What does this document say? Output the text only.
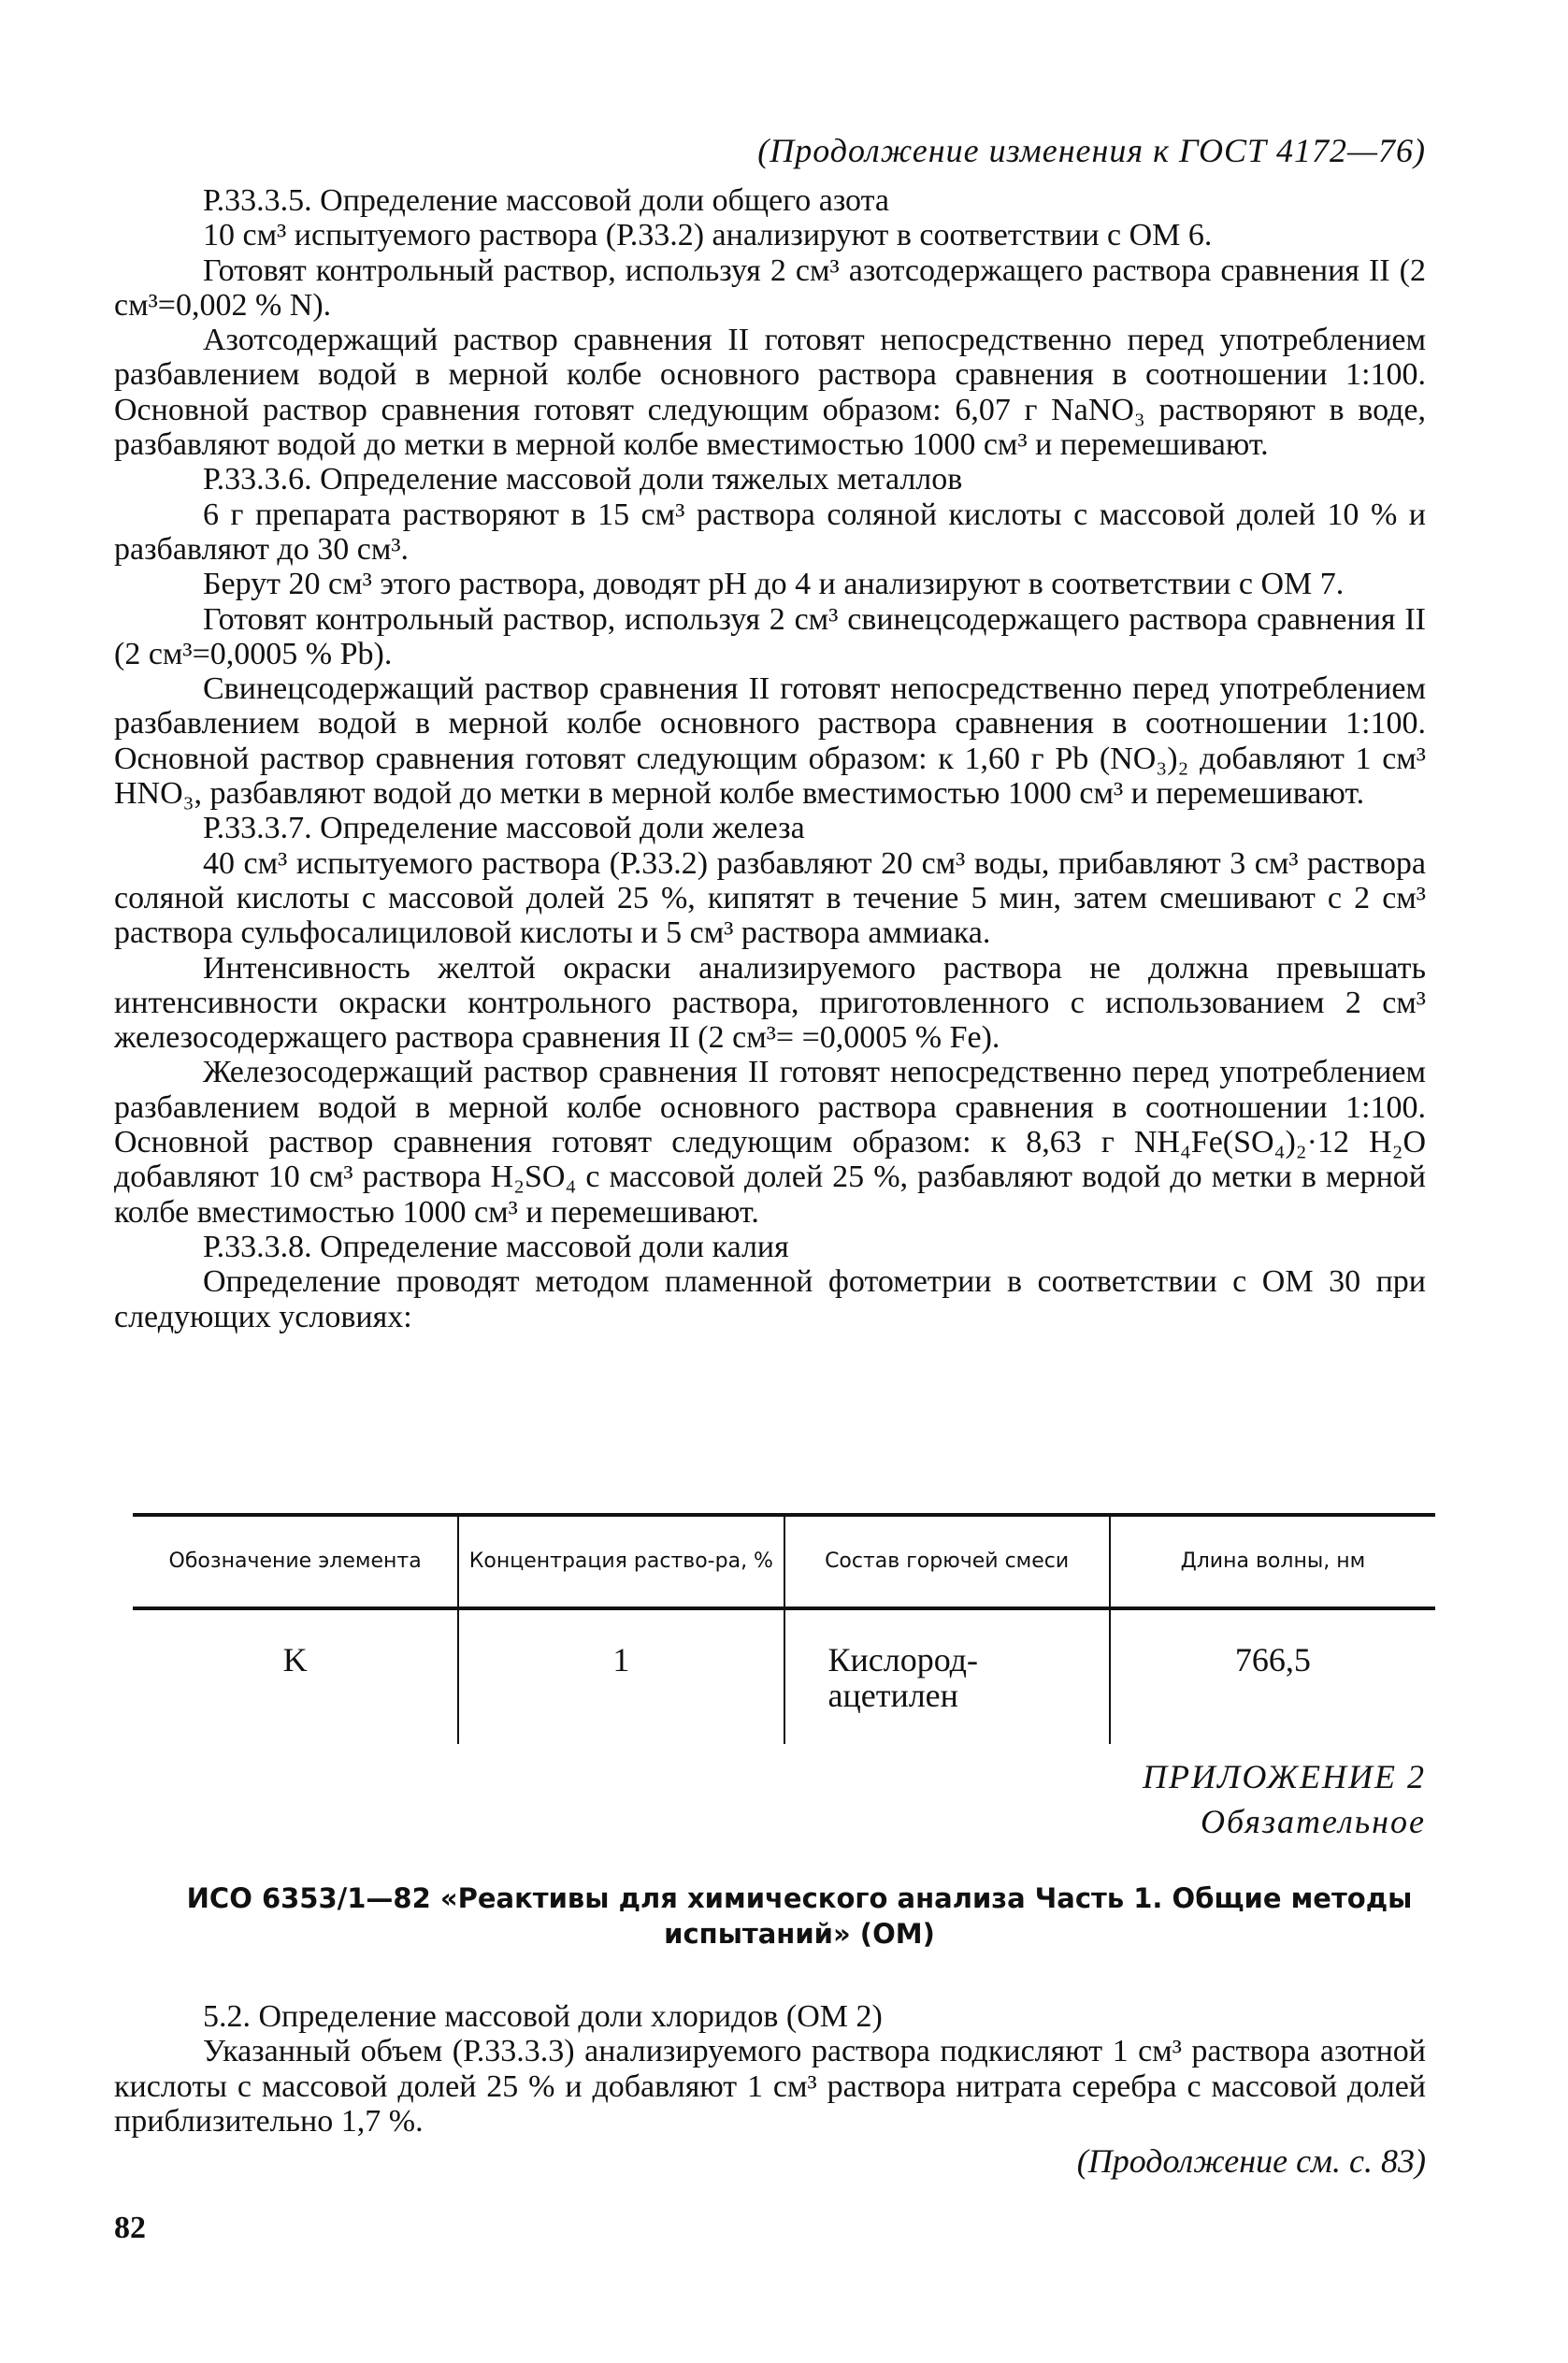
(Продолжение изменения к ГОСТ 4172—76)

Р.33.3.5. Определение массовой доли общего азота

10 см³ испытуемого раствора (Р.33.2) анализируют в соответствии с ОМ 6.

Готовят контрольный раствор, используя 2 см³ азотсодержащего раствора сравнения II (2 см³=0,002 % N).

Азотсодержащий раствор сравнения II готовят непосредственно перед употреблением разбавлением водой в мерной колбе основного раствора сравнения в соотношении 1:100. Основной раствор сравнения готовят следующим образом: 6,07 г NaNO₃ растворяют в воде, разбавляют водой до метки в мерной колбе вместимостью 1000 см³ и перемешивают.

Р.33.3.6. Определение массовой доли тяжелых металлов

6 г препарата растворяют в 15 см³ раствора соляной кислоты с массовой долей 10 % и разбавляют до 30 см³.

Берут 20 см³ этого раствора, доводят pH до 4 и анализируют в соответствии с ОМ 7.

Готовят контрольный раствор, используя 2 см³ свинецсодержащего раствора сравнения II (2 см³=0,0005 % Pb).

Свинецсодержащий раствор сравнения II готовят непосредственно перед употреблением разбавлением водой в мерной колбе основного раствора сравнения в соотношении 1:100. Основной раствор сравнения готовят следующим образом: к 1,60 г Pb (NO₃)₂ добавляют 1 см³ HNO₃, разбавляют водой до метки в мерной колбе вместимостью 1000 см³ и перемешивают.

Р.33.3.7. Определение массовой доли железа

40 см³ испытуемого раствора (Р.33.2) разбавляют 20 см³ воды, прибавляют 3 см³ раствора соляной кислоты с массовой долей 25 %, кипятят в течение 5 мин, затем смешивают с 2 см³ раствора сульфосалициловой кислоты и 5 см³ раствора аммиака.

Интенсивность желтой окраски анализируемого раствора не должна превышать интенсивности окраски контрольного раствора, приготовленного с использованием 2 см³ железосодержащего раствора сравнения II (2 см³= =0,0005 % Fe).

Железосодержащий раствор сравнения II готовят непосредственно перед употреблением разбавлением водой в мерной колбе основного раствора сравнения в соотношении 1:100. Основной раствор сравнения готовят следующим образом: к 8,63 г NH₄Fe(SO₄)₂·12 H₂O добавляют 10 см³ раствора H₂SO₄ с массовой долей 25 %, разбавляют водой до метки в мерной колбе вместимостью 1000 см³ и перемешивают.

Р.33.3.8. Определение массовой доли калия

Определение проводят методом пламенной фотометрии в соответствии с ОМ 30 при следующих условиях:

Обозначение элемента	Концентрация раство-ра, %	Состав горючей смеси	Длина волны, нм
K	1	Кислород-ацетилен	766,5
ПРИЛОЖЕНИЕ 2
Обязательное
ИСО 6353/1—82 «Реактивы для химического анализа Часть 1. Общие методы испытаний» (ОМ)

5.2. Определение массовой доли хлоридов (ОМ 2)

Указанный объем (Р.33.3.3) анализируемого раствора подкисляют 1 см³ раствора азотной кислоты с массовой долей 25 % и добавляют 1 см³ раствора нитрата серебра с массовой долей приблизительно 1,7 %.

(Продолжение см. с. 83)
82
